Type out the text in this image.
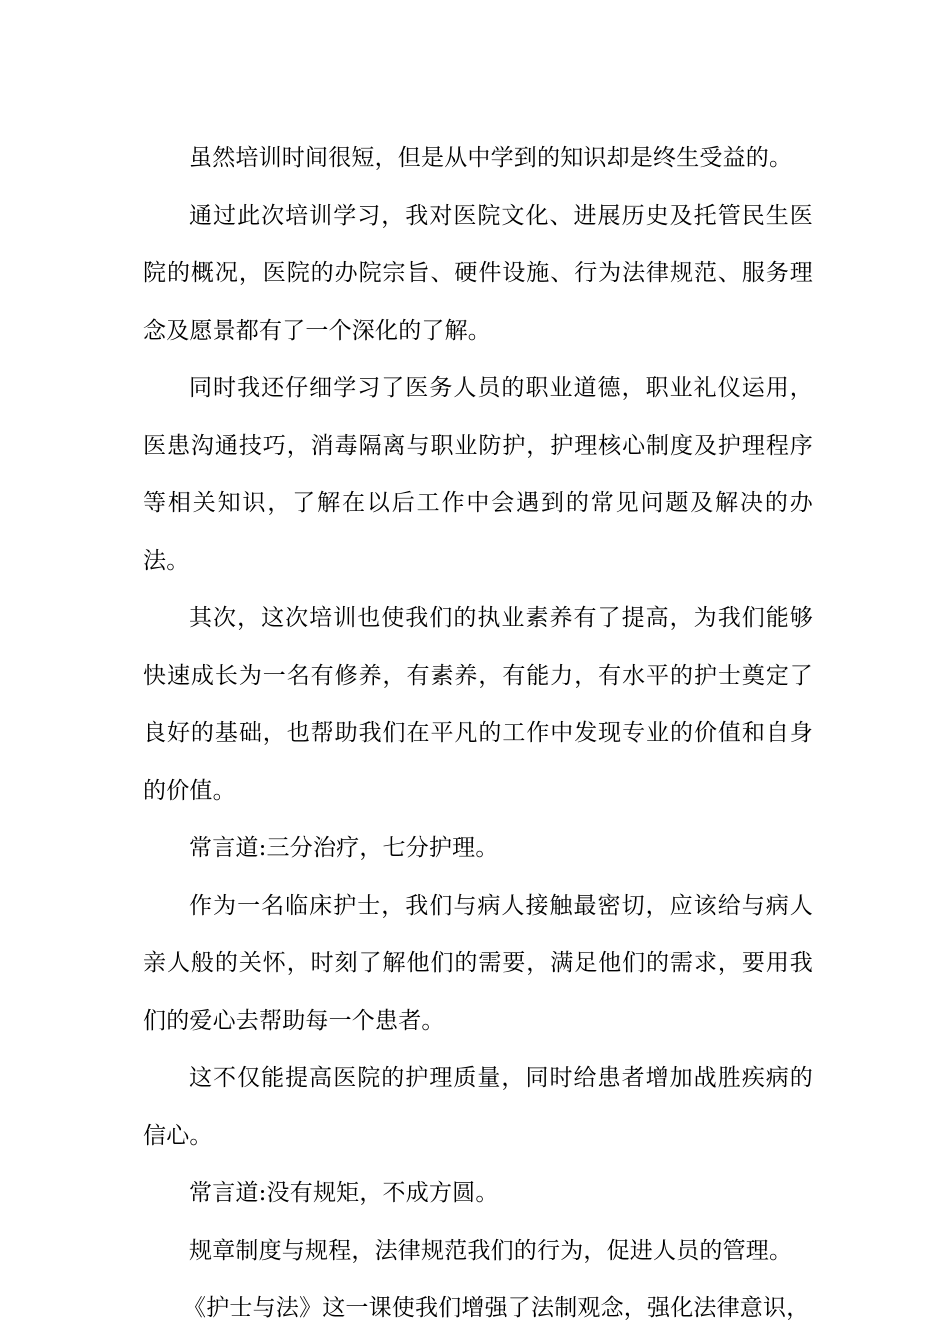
虽然培训时间很短，但是从中学到的知识却是终生受益的。

通过此次培训学习，我对医院文化、进展历史及托管民生医院的概况，医院的办院宗旨、硬件设施、行为法律规范、服务理念及愿景都有了一个深化的了解。

同时我还仔细学习了医务人员的职业道德，职业礼仪运用，医患沟通技巧，消毒隔离与职业防护，护理核心制度及护理程序等相关知识，了解在以后工作中会遇到的常见问题及解决的办法。

其次，这次培训也使我们的执业素养有了提高，为我们能够快速成长为一名有修养，有素养，有能力，有水平的护士奠定了良好的基础，也帮助我们在平凡的工作中发现专业的价值和自身的价值。

常言道:三分治疗，七分护理。

作为一名临床护士，我们与病人接触最密切，应该给与病人亲人般的关怀，时刻了解他们的需要，满足他们的需求，要用我们的爱心去帮助每一个患者。

这不仅能提高医院的护理质量，同时给患者增加战胜疾病的信心。

常言道:没有规矩，不成方圆。

规章制度与规程，法律规范我们的行为，促进人员的管理。

《护士与法》这一课使我们增强了法制观念，强化法律意识，
